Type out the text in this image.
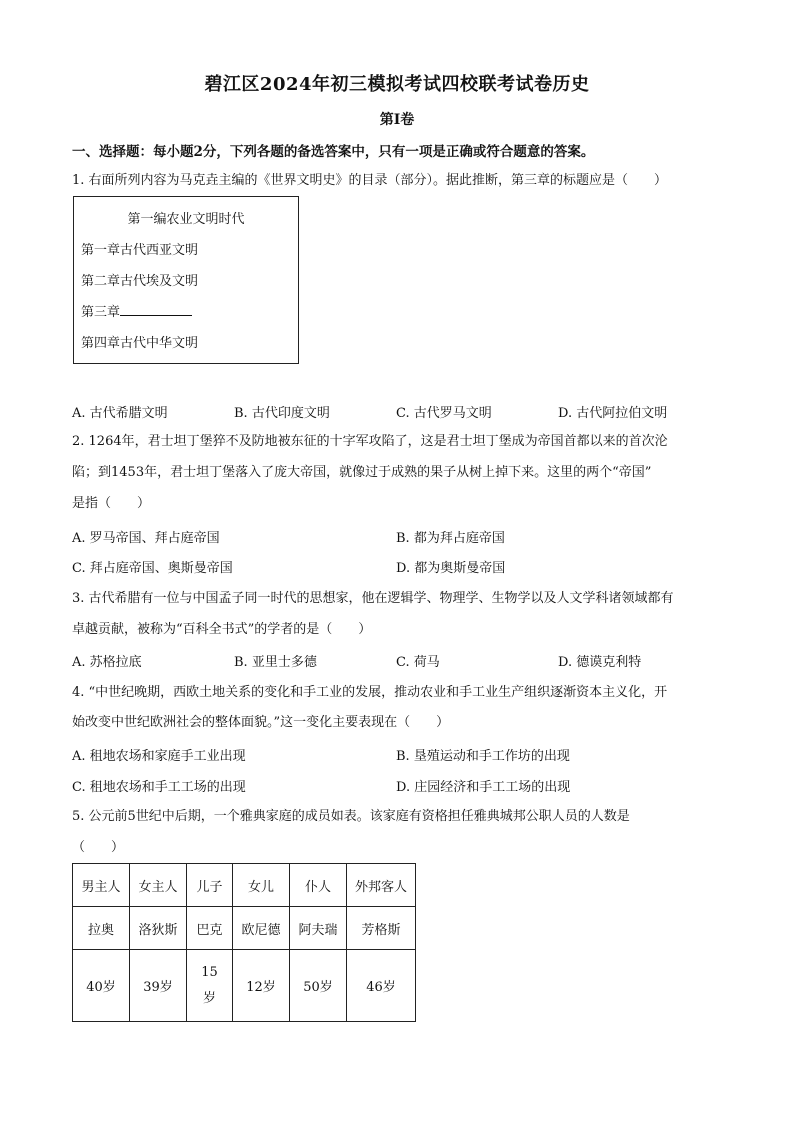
碧江区2024年初三模拟考试四校联考试卷历史
第Ⅰ卷
一、选择题：每小题2分，下列各题的备选答案中，只有一项是正确或符合题意的答案。
1. 右面所列内容为马克垚主编的《世界文明史》的目录（部分）。据此推断，第三章的标题应是（　　）
第一编农业文明时代
第一章古代西亚文明
第二章古代埃及文明
第三章
第四章古代中华文明
A. 古代希腊文明	B. 古代印度文明	C. 古代罗马文明	D. 古代阿拉伯文明
2. 1264年，君士坦丁堡猝不及防地被东征的十字军攻陷了，这是君士坦丁堡成为帝国首都以来的首次沦
陷；到1453年，君士坦丁堡落入了庞大帝国，就像过于成熟的果子从树上掉下来。这里的两个“帝国”
是指（　　）
A. 罗马帝国、拜占庭帝国	B. 都为拜占庭帝国
C. 拜占庭帝国、奥斯曼帝国	D. 都为奥斯曼帝国
3. 古代希腊有一位与中国孟子同一时代的思想家，他在逻辑学、物理学、生物学以及人文学科诸领域都有
卓越贡献，被称为“百科全书式”的学者的是（　　）
A. 苏格拉底	B. 亚里士多德	C. 荷马	D. 德谟克利特
4. “中世纪晚期，西欧土地关系的变化和手工业的发展，推动农业和手工业生产组织逐渐资本主义化，开
始改变中世纪欧洲社会的整体面貌。”这一变化主要表现在（　　）
A. 租地农场和家庭手工业出现	B. 垦殖运动和手工作坊的出现
C. 租地农场和手工工场的出现	D. 庄园经济和手工工场的出现
5. 公元前5世纪中后期，一个雅典家庭的成员如表。该家庭有资格担任雅典城邦公职人员的人数是
（　　）
男主人	女主人	儿子	女儿	仆人	外邦客人
拉奥	洛狄斯	巴克	欧尼德	阿夫瑞	芳格斯
40岁	39岁	15岁	12岁	50岁	46岁
